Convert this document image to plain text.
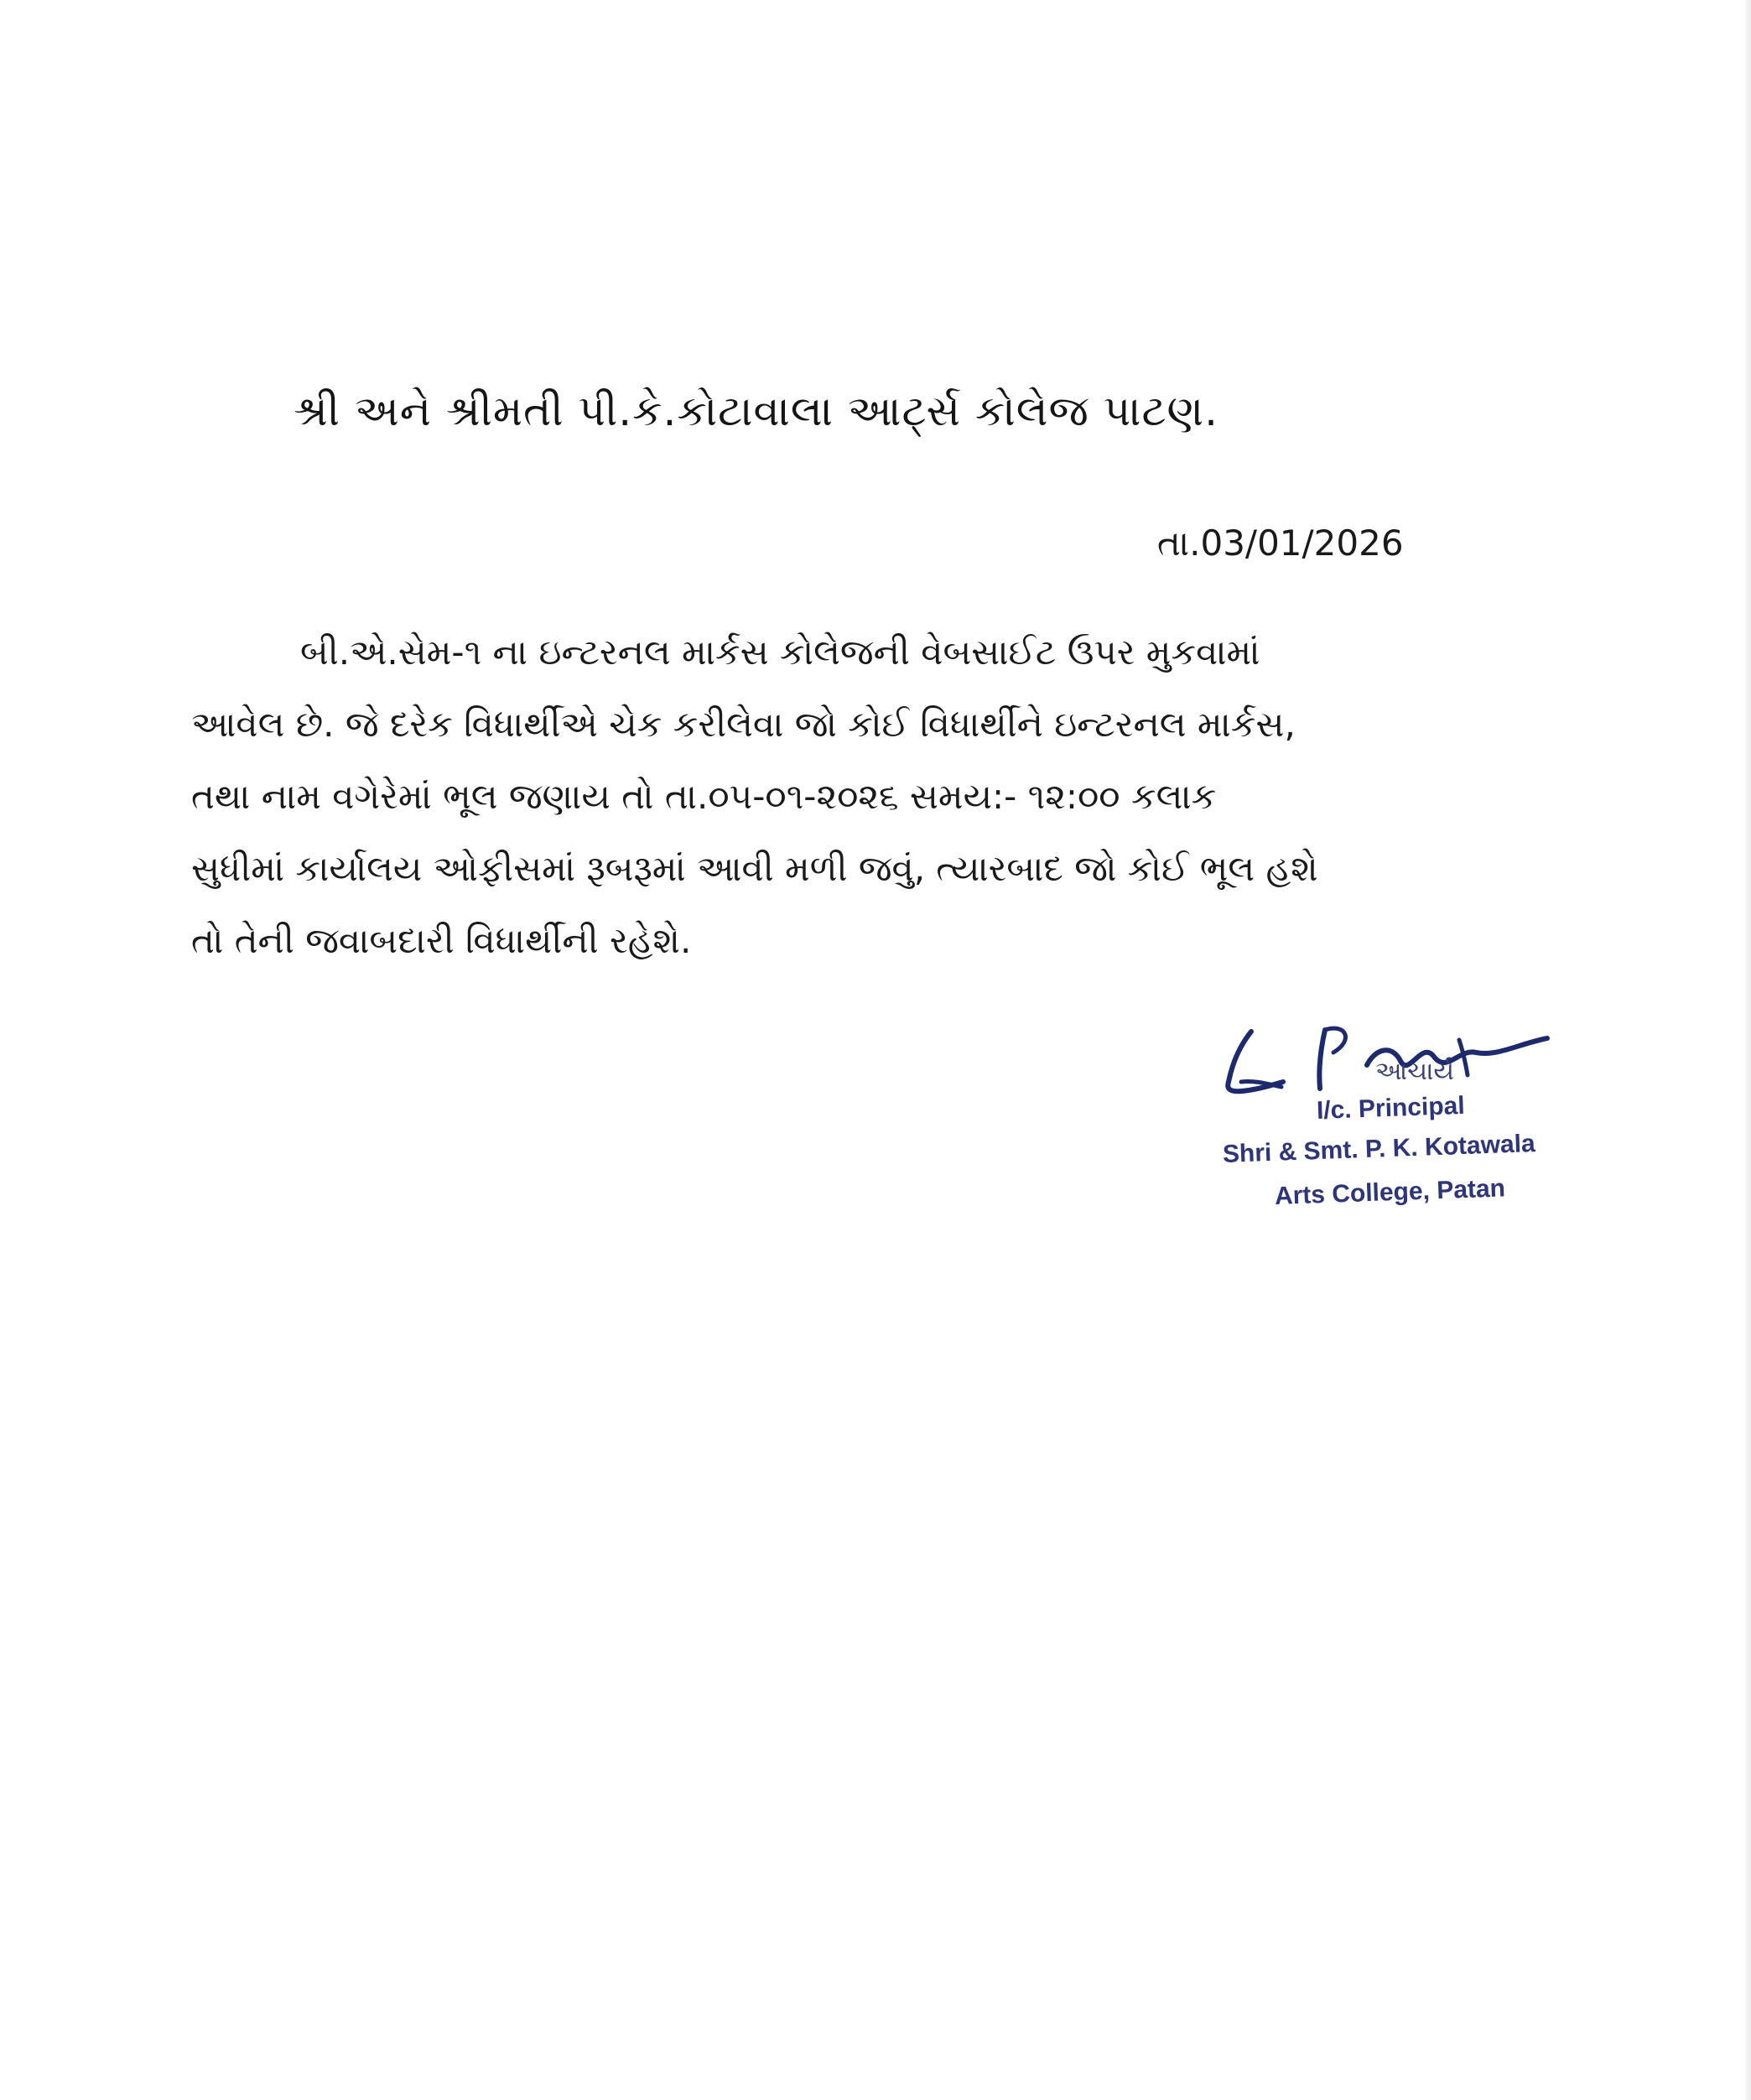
શ્રી અને શ્રીમતી પી.કે.કોટાવાલા આર્ટ્સ કોલેજ પાટણ.
તા.03/01/2026
બી.એ.સેમ-૧ ના ઇન્ટરનલ માર્કસ કોલેજની વેબસાઈટ ઉપર મુકવામાં
આવેલ છે. જે દરેક વિધાર્થીએ ચેક કરીલેવા જો કોઈ વિધાર્થીને ઇન્ટરનલ માર્કસ,
તથા નામ વગેરેમાં ભૂલ જણાય તો તા.૦૫-૦૧-૨૦૨૬ સમય:- ૧૨:૦૦ કલાક
સુધીમાં કાર્યાલય ઓફીસમાં રૂબરૂમાં આવી મળી જવું, ત્યારબાદ જો કોઈ ભૂલ હશે
તો તેની જવાબદારી વિધાર્થીની રહેશે.
આચાર્ય
I/c. Principal
Shri & Smt. P. K. Kotawala
Arts College, Patan
